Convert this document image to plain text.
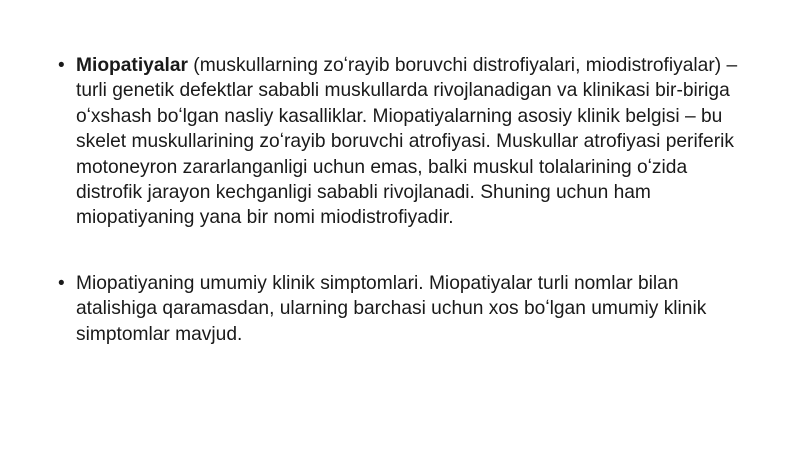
• Miopatiyalar (muskullarning zoʻrayib boruvchi distrofiyalari, miodistrofiyalar) – turli genetik defektlar sababli muskullarda rivojlanadigan va klinikasi bir-biriga oʻxshash boʻlgan nasliy kasalliklar. Miopatiyalarning asosiy klinik belgisi – bu skelet muskullarining zoʻrayib boruvchi atrofiyasi. Muskullar atrofiyasi periferik motoneyron zararlanganligi uchun emas, balki muskul tolalarining oʻzida distrofik jarayon kechganligi sababli rivojlanadi. Shuning uchun ham miopatiyaning yana bir nomi miodistrofiyadir.
• Miopatiyaning umumiy klinik simptomlari. Miopatiyalar turli nomlar bilan atalishiga qaramasdan, ularning barchasi uchun xos boʻlgan umumiy klinik simptomlar mavjud.
